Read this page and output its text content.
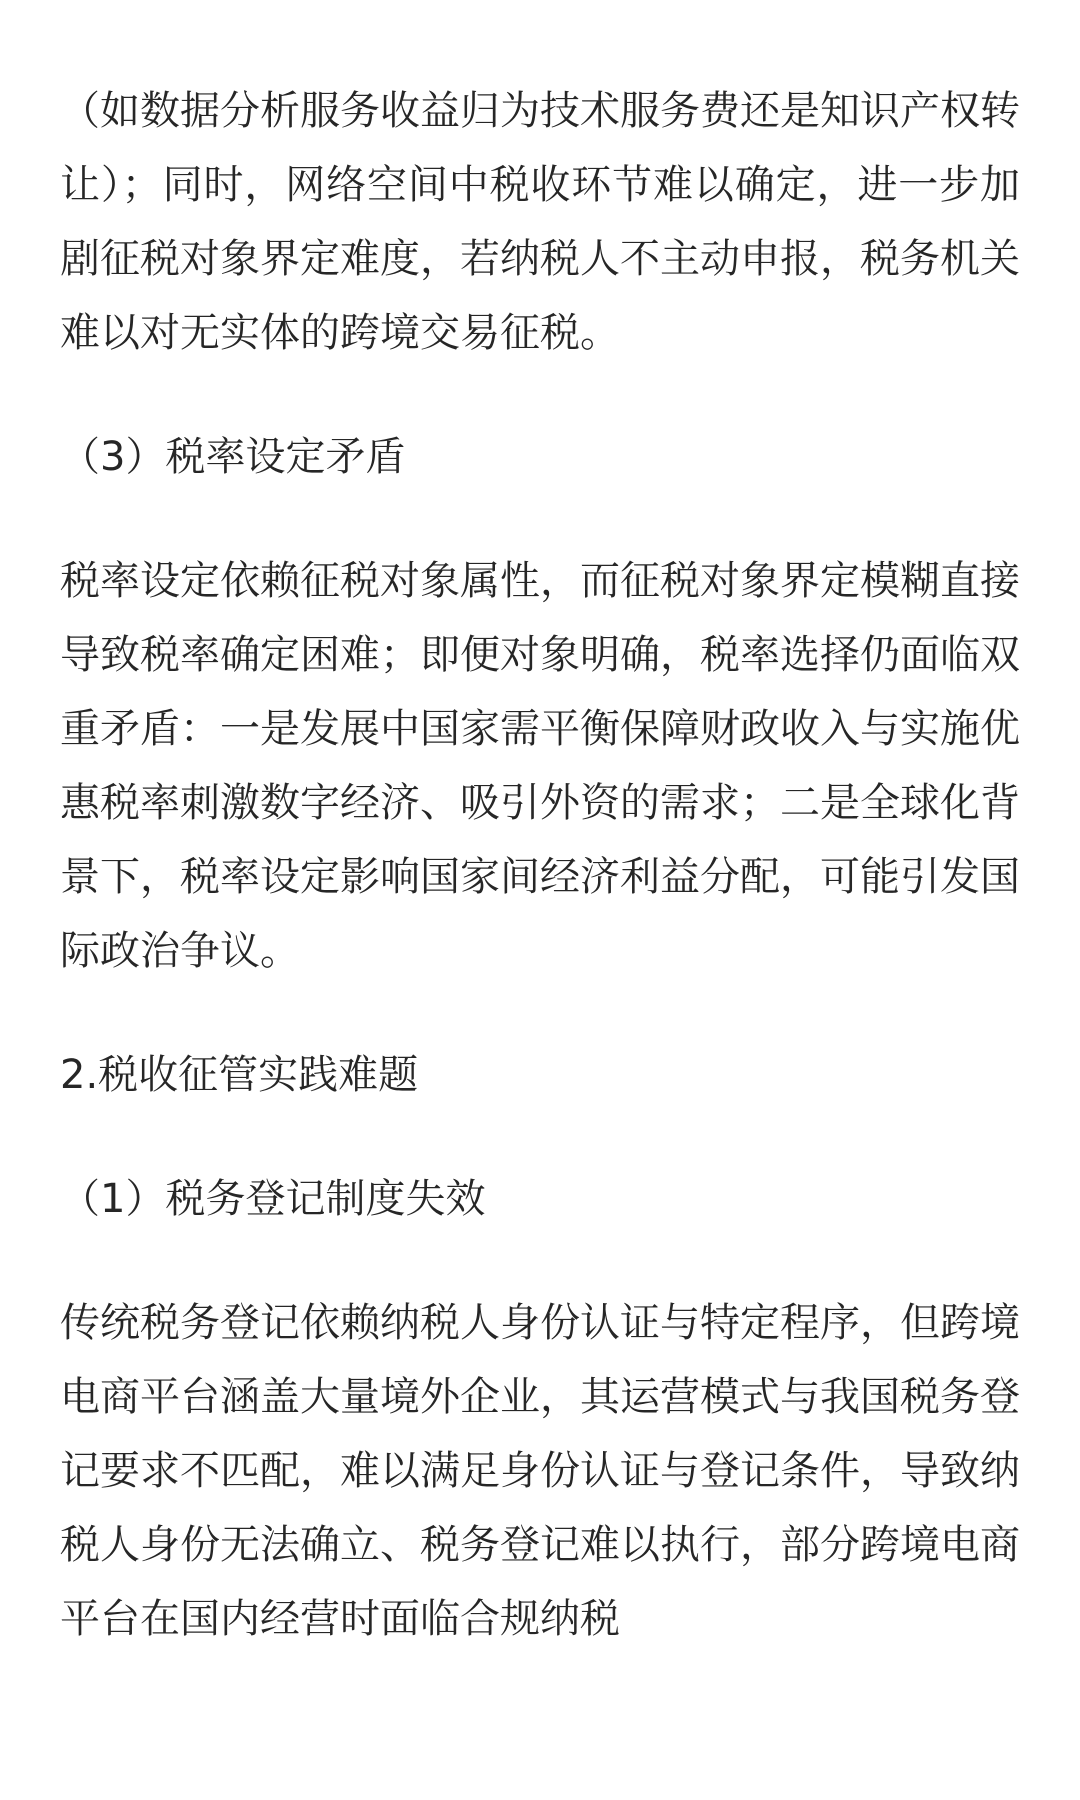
（如数据分析服务收益归为技术服务费还是知识产权转让）；同时，网络空间中税收环节难以确定，进一步加剧征税对象界定难度，若纳税人不主动申报，税务机关难以对无实体的跨境交易征税。

（3）税率设定矛盾

税率设定依赖征税对象属性，而征税对象界定模糊直接导致税率确定困难；即便对象明确，税率选择仍面临双重矛盾：一是发展中国家需平衡保障财政收入与实施优惠税率刺激数字经济、吸引外资的需求；二是全球化背景下，税率设定影响国家间经济利益分配，可能引发国际政治争议。

2.税收征管实践难题

（1）税务登记制度失效

传统税务登记依赖纳税人身份认证与特定程序，但跨境电商平台涵盖大量境外企业，其运营模式与我国税务登记要求不匹配，难以满足身份认证与登记条件，导致纳税人身份无法确立、税务登记难以执行，部分跨境电商平台在国内经营时面临合规纳税
